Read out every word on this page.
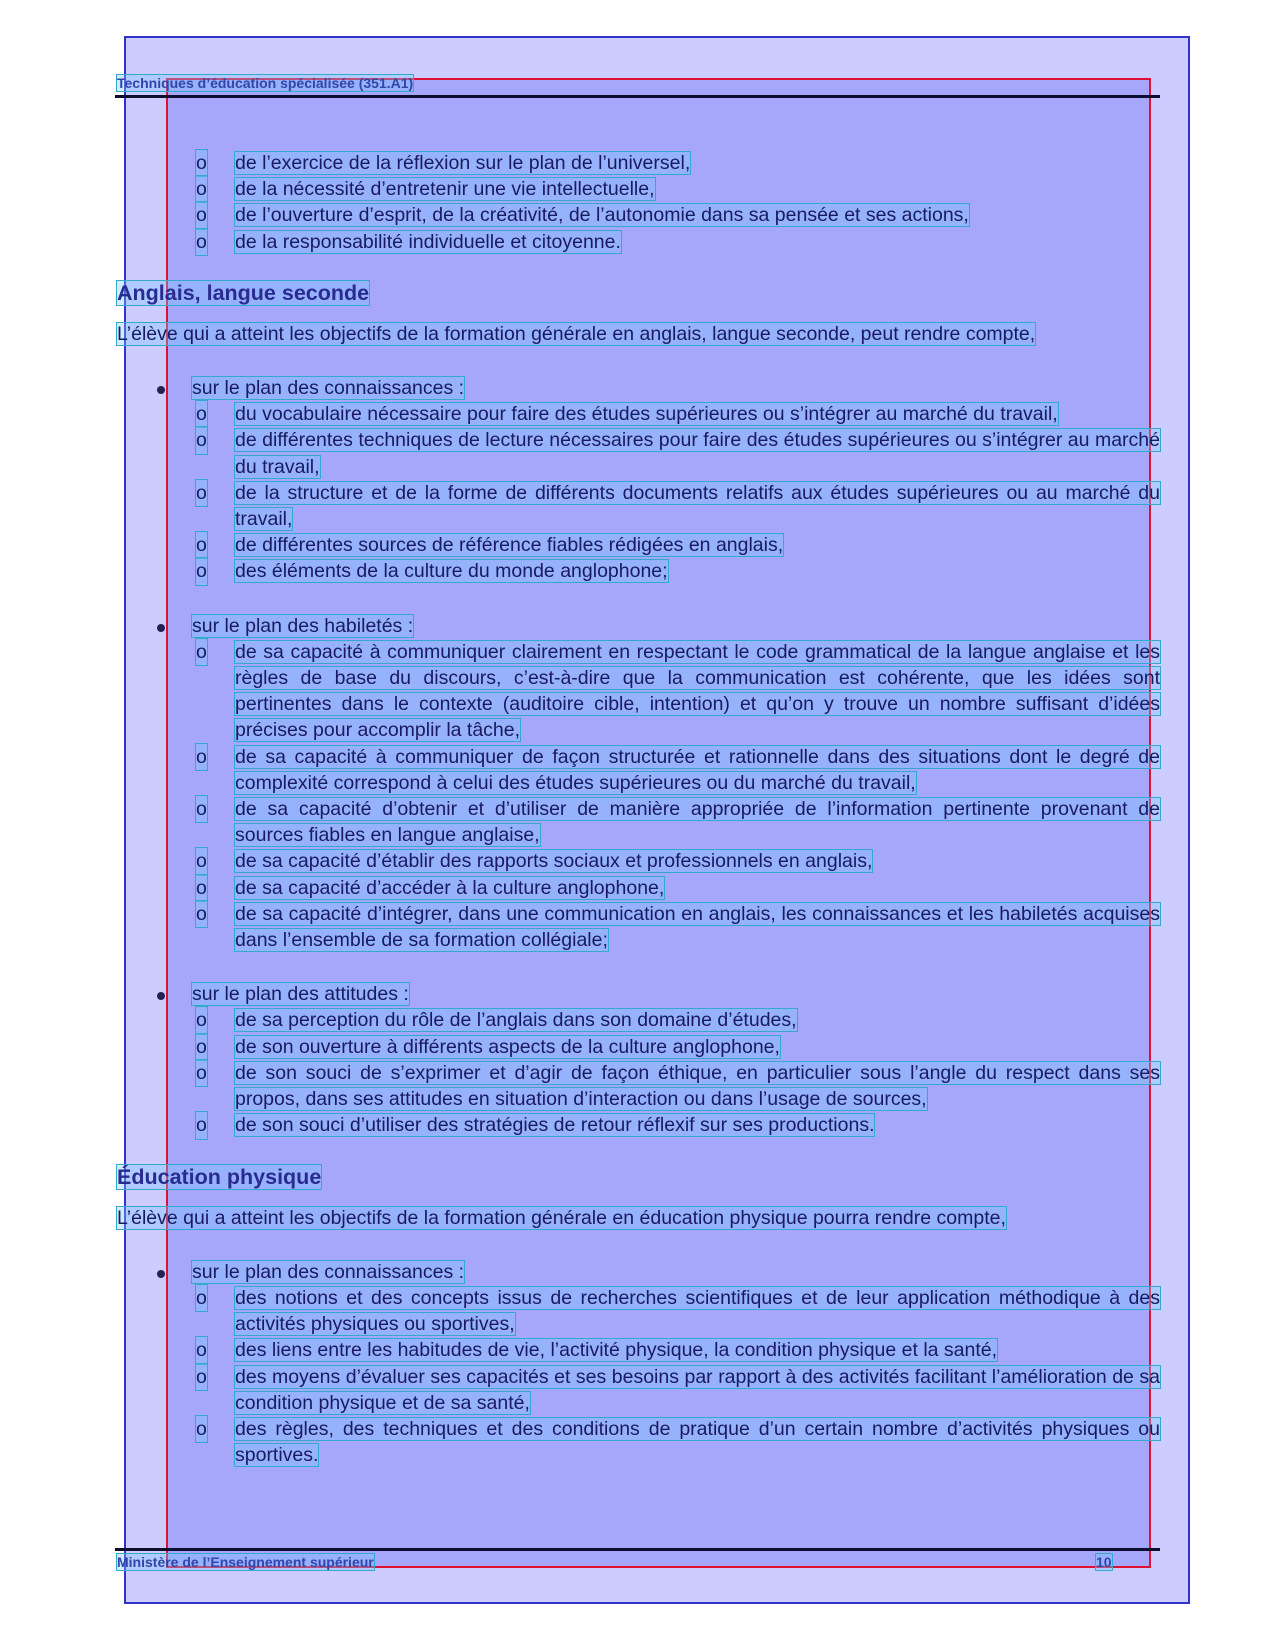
Techniques d’éducation spécialisée (351.A1)

o de l’exercice de la réflexion sur le plan de l’universel,

o de la nécessité d’entretenir une vie intellectuelle,

o de l’ouverture d’esprit, de la créativité, de l’autonomie dans sa pensée et ses actions,

o de la responsabilité individuelle et citoyenne.

Anglais, langue seconde

L’élève qui a atteint les objectifs de la formation générale en anglais, langue seconde, peut rendre compte,

sur le plan des connaissances :

o du vocabulaire nécessaire pour faire des études supérieures ou s’intégrer au marché du travail,

o de différentes techniques de lecture nécessaires pour faire des études supérieures ou s’intégrer au marché du travail,

o de la structure et de la forme de différents documents relatifs aux études supérieures ou au marché du travail,

o de différentes sources de référence fiables rédigées en anglais,

o des éléments de la culture du monde anglophone;

sur le plan des habiletés :

o de sa capacité à communiquer clairement en respectant le code grammatical de la langue anglaise et les règles de base du discours, c’est-à-dire que la communication est cohérente, que les idées sont pertinentes dans le contexte (auditoire cible, intention) et qu’on y trouve un nombre suffisant d’idées précises pour accomplir la tâche,

o de sa capacité à communiquer de façon structurée et rationnelle dans des situations dont le degré de complexité correspond à celui des études supérieures ou du marché du travail,

o de sa capacité d’obtenir et d’utiliser de manière appropriée de l’information pertinente provenant de sources fiables en langue anglaise,

o de sa capacité d’établir des rapports sociaux et professionnels en anglais,

o de sa capacité d’accéder à la culture anglophone,

o de sa capacité d’intégrer, dans une communication en anglais, les connaissances et les habiletés acquises dans l’ensemble de sa formation collégiale;

sur le plan des attitudes :

o de sa perception du rôle de l’anglais dans son domaine d’études,

o de son ouverture à différents aspects de la culture anglophone,

o de son souci de s’exprimer et d’agir de façon éthique, en particulier sous l’angle du respect dans ses propos, dans ses attitudes en situation d’interaction ou dans l’usage de sources,

o de son souci d’utiliser des stratégies de retour réflexif sur ses productions.

Éducation physique

L’élève qui a atteint les objectifs de la formation générale en éducation physique pourra rendre compte,

sur le plan des connaissances :

o des notions et des concepts issus de recherches scientifiques et de leur application méthodique à des activités physiques ou sportives,

o des liens entre les habitudes de vie, l’activité physique, la condition physique et la santé,

o des moyens d’évaluer ses capacités et ses besoins par rapport à des activités facilitant l’amélioration de sa condition physique et de sa santé,

o des règles, des techniques et des conditions de pratique d’un certain nombre d’activités physiques ou sportives.

Ministère de l’Enseignement supérieur	10
